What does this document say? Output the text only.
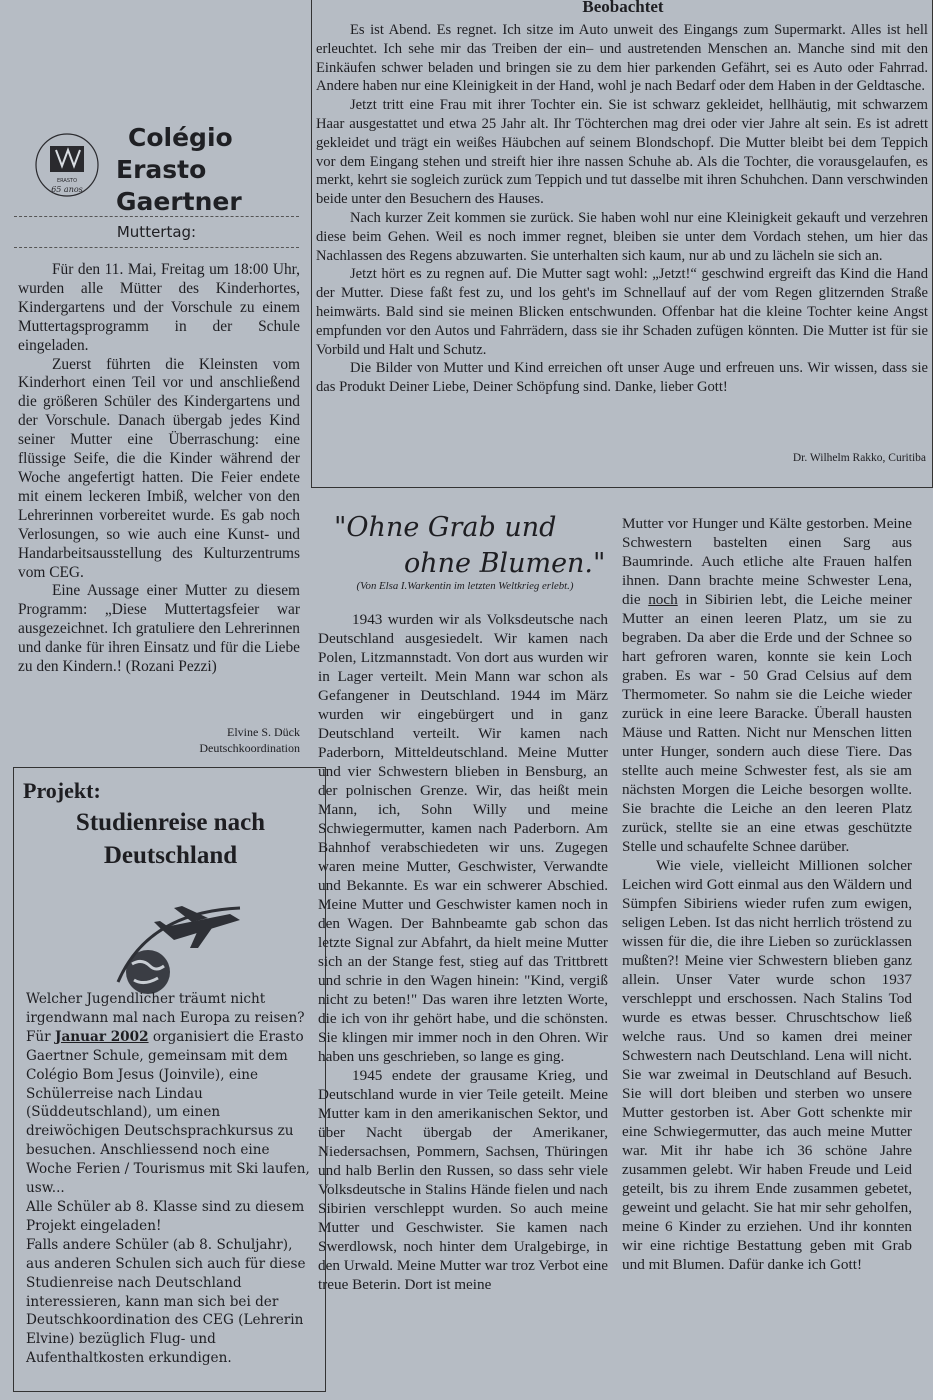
ERASTO
65 anos
Colégio
Erasto Gaertner
Muttertag:

Für den 11. Mai, Freitag um 18:00 Uhr, wurden alle Mütter des Kinderhortes, Kindergartens und der Vorschule zu einem Muttertagsprogramm in der Schule eingeladen.

Zuerst führten die Kleinsten vom Kinderhort einen Teil vor und anschließend die größeren Schüler des Kindergartens und der Vorschule. Danach übergab jedes Kind seiner Mutter eine Überraschung: eine flüssige Seife, die die Kinder während der Woche angefertigt hatten. Die Feier endete mit einem leckeren Imbiß, welcher von den Lehrerinnen vorbereitet wurde. Es gab noch Verlosungen, so wie auch eine Kunst- und Handarbeitsausstellung des Kulturzentrums vom CEG.

Eine Aussage einer Mutter zu diesem Programm: „Diese Muttertagsfeier war ausgezeichnet. Ich gratuliere den Lehrerinnen und danke für ihren Einsatz und für die Liebe zu den Kindern.! (Rozani Pezzi)

Elvine S. Dück
Deutschkoordination
Projekt:
Studienreise nach
Deutschland

Welcher Jugendlicher träumt nicht irgendwann mal nach Europa zu reisen? Für Januar 2002 organisiert die Erasto Gaertner Schule, gemeinsam mit dem Colégio Bom Jesus (Joinvile), eine Schülerreise nach Lindau (Süddeutschland), um einen dreiwöchigen Deutschsprachkursus zu besuchen. Anschliessend noch eine Woche Ferien / Tourismus mit Ski laufen, usw...

Alle Schüler ab 8. Klasse sind zu diesem Projekt eingeladen!

Falls andere Schüler (ab 8. Schuljahr), aus anderen Schulen sich auch für diese Studienreise nach Deutschland interessieren, kann man sich bei der Deutschkoordination des CEG (Lehrerin Elvine) bezüglich Flug- und Aufenthaltkosten erkundigen.

Beobachtet

Es ist Abend. Es regnet. Ich sitze im Auto unweit des Eingangs zum Supermarkt. Alles ist hell erleuchtet. Ich sehe mir das Treiben der ein– und austretenden Menschen an. Manche sind mit den Einkäufen schwer beladen und bringen sie zu dem hier parkenden Gefährt, sei es Auto oder Fahrrad. Andere haben nur eine Kleinigkeit in der Hand, wohl je nach Bedarf oder dem Haben in der Geldtasche.

Jetzt tritt eine Frau mit ihrer Tochter ein. Sie ist schwarz gekleidet, hellhäutig, mit schwarzem Haar ausgestattet und etwa 25 Jahr alt. Ihr Töchterchen mag drei oder vier Jahre alt sein. Es ist adrett gekleidet und trägt ein weißes Häubchen auf seinem Blondschopf. Die Mutter bleibt bei dem Teppich vor dem Eingang stehen und streift hier ihre nassen Schuhe ab. Als die Tochter, die vorausgelaufen, es merkt, kehrt sie sogleich zurück zum Teppich und tut dasselbe mit ihren Schuhchen. Dann verschwinden beide unter den Besuchern des Hauses.

Nach kurzer Zeit kommen sie zurück. Sie haben wohl nur eine Kleinigkeit gekauft und verzehren diese beim Gehen. Weil es noch immer regnet, bleiben sie unter dem Vordach stehen, um hier das Nachlassen des Regens abzuwarten. Sie unterhalten sich kaum, nur ab und zu lächeln sie sich an.

Jetzt hört es zu regnen auf. Die Mutter sagt wohl: „Jetzt!“ geschwind ergreift das Kind die Hand der Mutter. Diese faßt fest zu, und los geht's im Schnellauf auf der vom Regen glitzernden Straße heimwärts. Bald sind sie meinen Blicken entschwunden. Offenbar hat die kleine Tochter keine Angst empfunden vor den Autos und Fahrrädern, dass sie ihr Schaden zufügen könnten. Die Mutter ist für sie Vorbild und Halt und Schutz.

Die Bilder von Mutter und Kind erreichen oft unser Auge und erfreuen uns. Wir wissen, dass sie das Produkt Deiner Liebe, Deiner Schöpfung sind. Danke, lieber Gott!

Dr. Wilhelm Rakko, Curitiba
"Ohne Grab und
ohne Blumen."
(Von Elsa I.Warkentin im letzten Weltkrieg erlebt.)

1943 wurden wir als Volksdeutsche nach Deutschland ausgesiedelt. Wir kamen nach Polen, Litzmannstadt. Von dort aus wurden wir in Lager verteilt. Mein Mann war schon als Gefangener in Deutschland. 1944 im März wurden wir eingebürgert und in ganz Deutschland verteilt. Wir kamen nach Paderborn, Mitteldeutschland. Meine Mutter und vier Schwestern blieben in Bensburg, an der polnischen Grenze. Wir, das heißt mein Mann, ich, Sohn Willy und meine Schwiegermutter, kamen nach Paderborn. Am Bahnhof verabschiedeten wir uns. Zugegen waren meine Mutter, Geschwister, Verwandte und Bekannte. Es war ein schwerer Abschied. Meine Mutter und Geschwister kamen noch in den Wagen. Der Bahnbeamte gab schon das letzte Signal zur Abfahrt, da hielt meine Mutter sich an der Stange fest, stieg auf das Trittbrett und schrie in den Wagen hinein: "Kind, vergiß nicht zu beten!" Das waren ihre letzten Worte, die ich von ihr gehört habe, und die schönsten. Sie klingen mir immer noch in den Ohren. Wir haben uns geschrieben, so lange es ging.

1945 endete der grausame Krieg, und Deutschland wurde in vier Teile geteilt. Meine Mutter kam in den amerikanischen Sektor, und über Nacht übergab der Amerikaner, Niedersachsen, Pommern, Sachsen, Thüringen und halb Berlin den Russen, so dass sehr viele Volksdeutsche in Stalins Hände fielen und nach Sibirien verschleppt wurden. So auch meine Mutter und Geschwister. Sie kamen nach Swerdlowsk, noch hinter dem Uralgebirge, in den Urwald. Meine Mutter war troz Verbot eine treue Beterin. Dort ist meine

Mutter vor Hunger und Kälte gestorben. Meine Schwestern bastelten einen Sarg aus Baumrinde. Auch etliche alte Frauen halfen ihnen. Dann brachte meine Schwester Lena, die noch in Sibirien lebt, die Leiche meiner Mutter an einen leeren Platz, um sie zu begraben. Da aber die Erde und der Schnee so hart gefroren waren, konnte sie kein Loch graben. Es war - 50 Grad Celsius auf dem Thermometer. So nahm sie die Leiche wieder zurück in eine leere Baracke. Überall hausten Mäuse und Ratten. Nicht nur Menschen litten unter Hunger, sondern auch diese Tiere. Das stellte auch meine Schwester fest, als sie am nächsten Morgen die Leiche besorgen wollte. Sie brachte die Leiche an den leeren Platz zurück, stellte sie an eine etwas geschützte Stelle und schaufelte Schnee darüber.

Wie viele, vielleicht Millionen solcher Leichen wird Gott einmal aus den Wäldern und Sümpfen Sibiriens wieder rufen zum ewigen, seligen Leben. Ist das nicht herrlich tröstend zu wissen für die, die ihre Lieben so zurücklassen mußten?! Meine vier Schwestern blieben ganz allein. Unser Vater wurde schon 1937 verschleppt und erschossen. Nach Stalins Tod wurde es etwas besser. Chruschtschow ließ welche raus. Und so kamen drei meiner Schwestern nach Deutschland. Lena will nicht. Sie war zweimal in Deutschland auf Besuch. Sie will dort bleiben und sterben wo unsere Mutter gestorben ist. Aber Gott schenkte mir eine Schwiegermutter, das auch meine Mutter war. Mit ihr habe ich 36 schöne Jahre zusammen gelebt. Wir haben Freude und Leid geteilt, bis zu ihrem Ende zusammen gebetet, geweint und gelacht. Sie hat mir sehr geholfen, meine 6 Kinder zu erziehen. Und ihr konnten wir eine richtige Bestattung geben mit Grab und mit Blumen. Dafür danke ich Gott!
